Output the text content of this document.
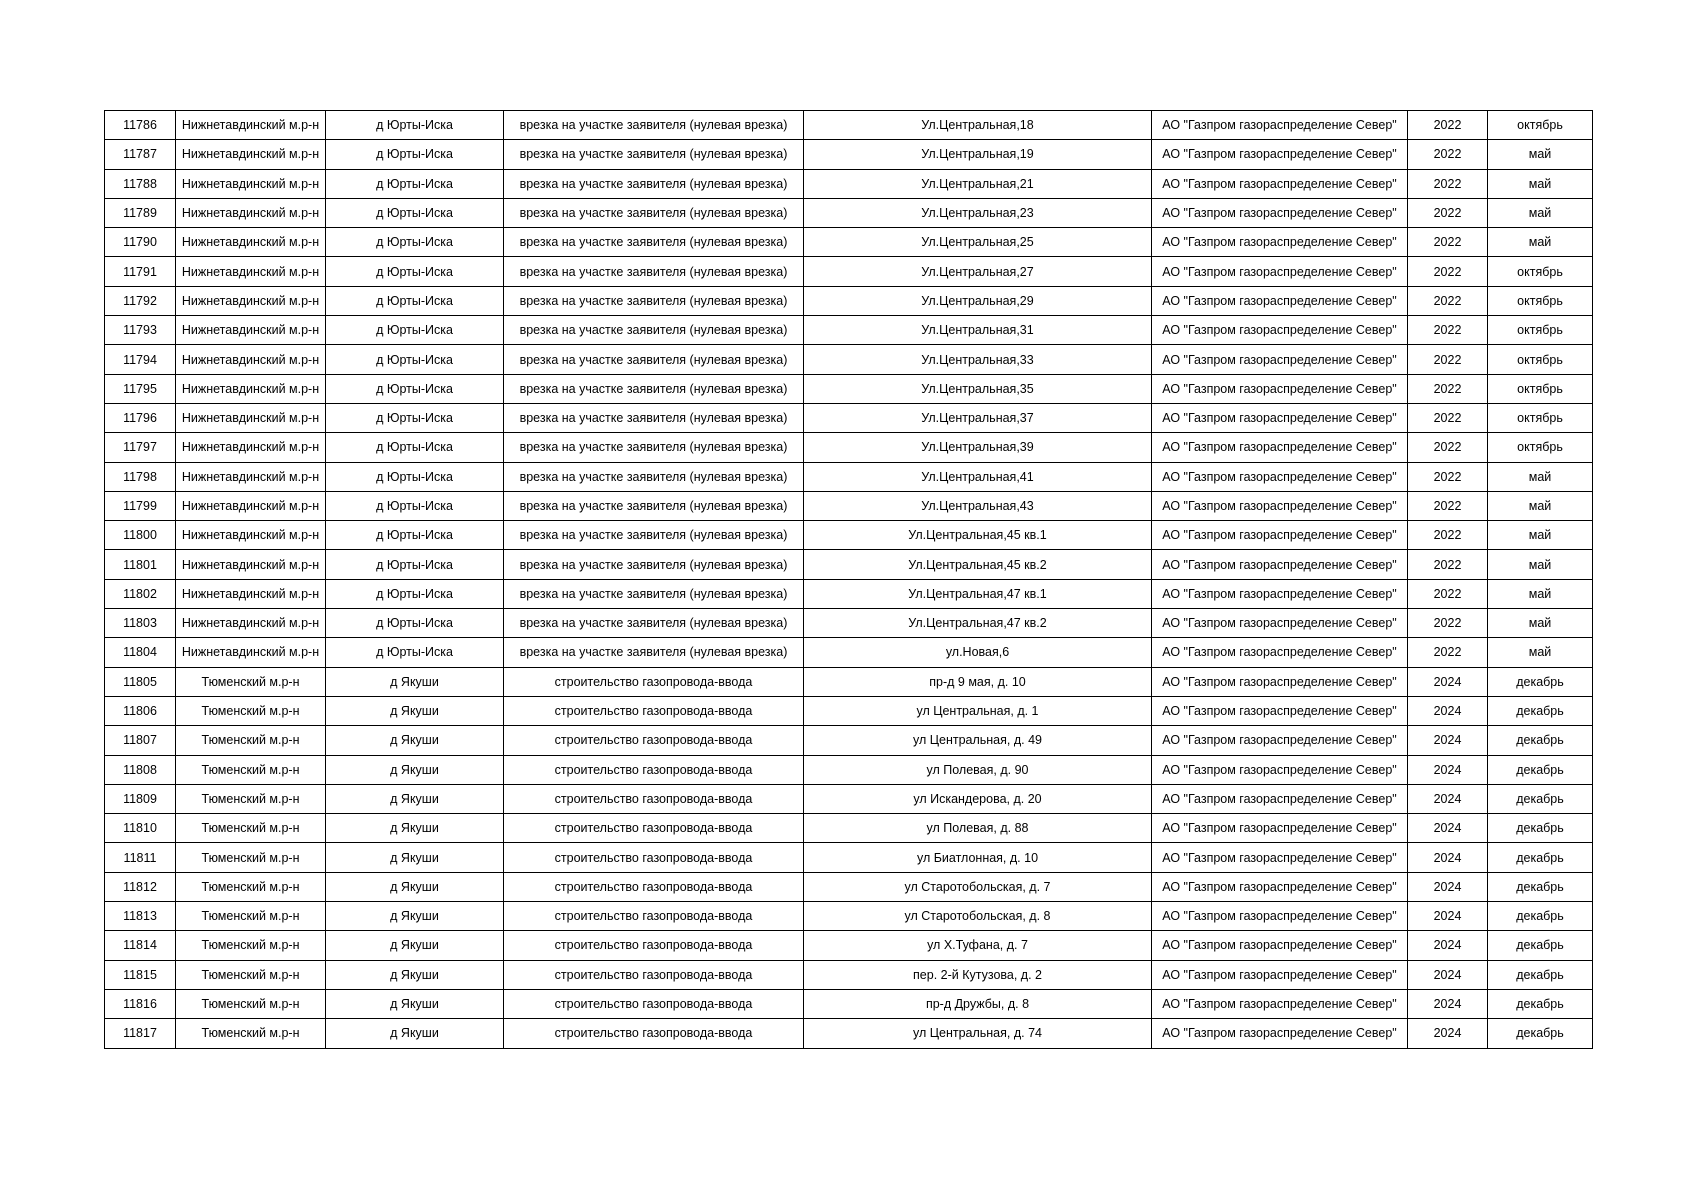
11786	Нижнетавдинский м.р-н	д Юрты-Иска	врезка на участке заявителя (нулевая врезка)	Ул.Центральная,18	АО "Газпром газораспределение Север"	2022	октябрь
11787	Нижнетавдинский м.р-н	д Юрты-Иска	врезка на участке заявителя (нулевая врезка)	Ул.Центральная,19	АО "Газпром газораспределение Север"	2022	май
11788	Нижнетавдинский м.р-н	д Юрты-Иска	врезка на участке заявителя (нулевая врезка)	Ул.Центральная,21	АО "Газпром газораспределение Север"	2022	май
11789	Нижнетавдинский м.р-н	д Юрты-Иска	врезка на участке заявителя (нулевая врезка)	Ул.Центральная,23	АО "Газпром газораспределение Север"	2022	май
11790	Нижнетавдинский м.р-н	д Юрты-Иска	врезка на участке заявителя (нулевая врезка)	Ул.Центральная,25	АО "Газпром газораспределение Север"	2022	май
11791	Нижнетавдинский м.р-н	д Юрты-Иска	врезка на участке заявителя (нулевая врезка)	Ул.Центральная,27	АО "Газпром газораспределение Север"	2022	октябрь
11792	Нижнетавдинский м.р-н	д Юрты-Иска	врезка на участке заявителя (нулевая врезка)	Ул.Центральная,29	АО "Газпром газораспределение Север"	2022	октябрь
11793	Нижнетавдинский м.р-н	д Юрты-Иска	врезка на участке заявителя (нулевая врезка)	Ул.Центральная,31	АО "Газпром газораспределение Север"	2022	октябрь
11794	Нижнетавдинский м.р-н	д Юрты-Иска	врезка на участке заявителя (нулевая врезка)	Ул.Центральная,33	АО "Газпром газораспределение Север"	2022	октябрь
11795	Нижнетавдинский м.р-н	д Юрты-Иска	врезка на участке заявителя (нулевая врезка)	Ул.Центральная,35	АО "Газпром газораспределение Север"	2022	октябрь
11796	Нижнетавдинский м.р-н	д Юрты-Иска	врезка на участке заявителя (нулевая врезка)	Ул.Центральная,37	АО "Газпром газораспределение Север"	2022	октябрь
11797	Нижнетавдинский м.р-н	д Юрты-Иска	врезка на участке заявителя (нулевая врезка)	Ул.Центральная,39	АО "Газпром газораспределение Север"	2022	октябрь
11798	Нижнетавдинский м.р-н	д Юрты-Иска	врезка на участке заявителя (нулевая врезка)	Ул.Центральная,41	АО "Газпром газораспределение Север"	2022	май
11799	Нижнетавдинский м.р-н	д Юрты-Иска	врезка на участке заявителя (нулевая врезка)	Ул.Центральная,43	АО "Газпром газораспределение Север"	2022	май
11800	Нижнетавдинский м.р-н	д Юрты-Иска	врезка на участке заявителя (нулевая врезка)	Ул.Центральная,45 кв.1	АО "Газпром газораспределение Север"	2022	май
11801	Нижнетавдинский м.р-н	д Юрты-Иска	врезка на участке заявителя (нулевая врезка)	Ул.Центральная,45 кв.2	АО "Газпром газораспределение Север"	2022	май
11802	Нижнетавдинский м.р-н	д Юрты-Иска	врезка на участке заявителя (нулевая врезка)	Ул.Центральная,47 кв.1	АО "Газпром газораспределение Север"	2022	май
11803	Нижнетавдинский м.р-н	д Юрты-Иска	врезка на участке заявителя (нулевая врезка)	Ул.Центральная,47 кв.2	АО "Газпром газораспределение Север"	2022	май
11804	Нижнетавдинский м.р-н	д Юрты-Иска	врезка на участке заявителя (нулевая врезка)	ул.Новая,6	АО "Газпром газораспределение Север"	2022	май
11805	Тюменский м.р-н	д Якуши	строительство газопровода-ввода	пр-д 9 мая, д. 10	АО "Газпром газораспределение Север"	2024	декабрь
11806	Тюменский м.р-н	д Якуши	строительство газопровода-ввода	ул Центральная, д. 1	АО "Газпром газораспределение Север"	2024	декабрь
11807	Тюменский м.р-н	д Якуши	строительство газопровода-ввода	ул Центральная, д. 49	АО "Газпром газораспределение Север"	2024	декабрь
11808	Тюменский м.р-н	д Якуши	строительство газопровода-ввода	ул Полевая, д. 90	АО "Газпром газораспределение Север"	2024	декабрь
11809	Тюменский м.р-н	д Якуши	строительство газопровода-ввода	ул Искандерова, д. 20	АО "Газпром газораспределение Север"	2024	декабрь
11810	Тюменский м.р-н	д Якуши	строительство газопровода-ввода	ул Полевая, д. 88	АО "Газпром газораспределение Север"	2024	декабрь
11811	Тюменский м.р-н	д Якуши	строительство газопровода-ввода	ул Биатлонная, д. 10	АО "Газпром газораспределение Север"	2024	декабрь
11812	Тюменский м.р-н	д Якуши	строительство газопровода-ввода	ул Старотобольская, д. 7	АО "Газпром газораспределение Север"	2024	декабрь
11813	Тюменский м.р-н	д Якуши	строительство газопровода-ввода	ул Старотобольская, д. 8	АО "Газпром газораспределение Север"	2024	декабрь
11814	Тюменский м.р-н	д Якуши	строительство газопровода-ввода	ул Х.Туфана, д. 7	АО "Газпром газораспределение Север"	2024	декабрь
11815	Тюменский м.р-н	д Якуши	строительство газопровода-ввода	пер. 2-й Кутузова, д. 2	АО "Газпром газораспределение Север"	2024	декабрь
11816	Тюменский м.р-н	д Якуши	строительство газопровода-ввода	пр-д Дружбы, д. 8	АО "Газпром газораспределение Север"	2024	декабрь
11817	Тюменский м.р-н	д Якуши	строительство газопровода-ввода	ул Центральная, д. 74	АО "Газпром газораспределение Север"	2024	декабрь
